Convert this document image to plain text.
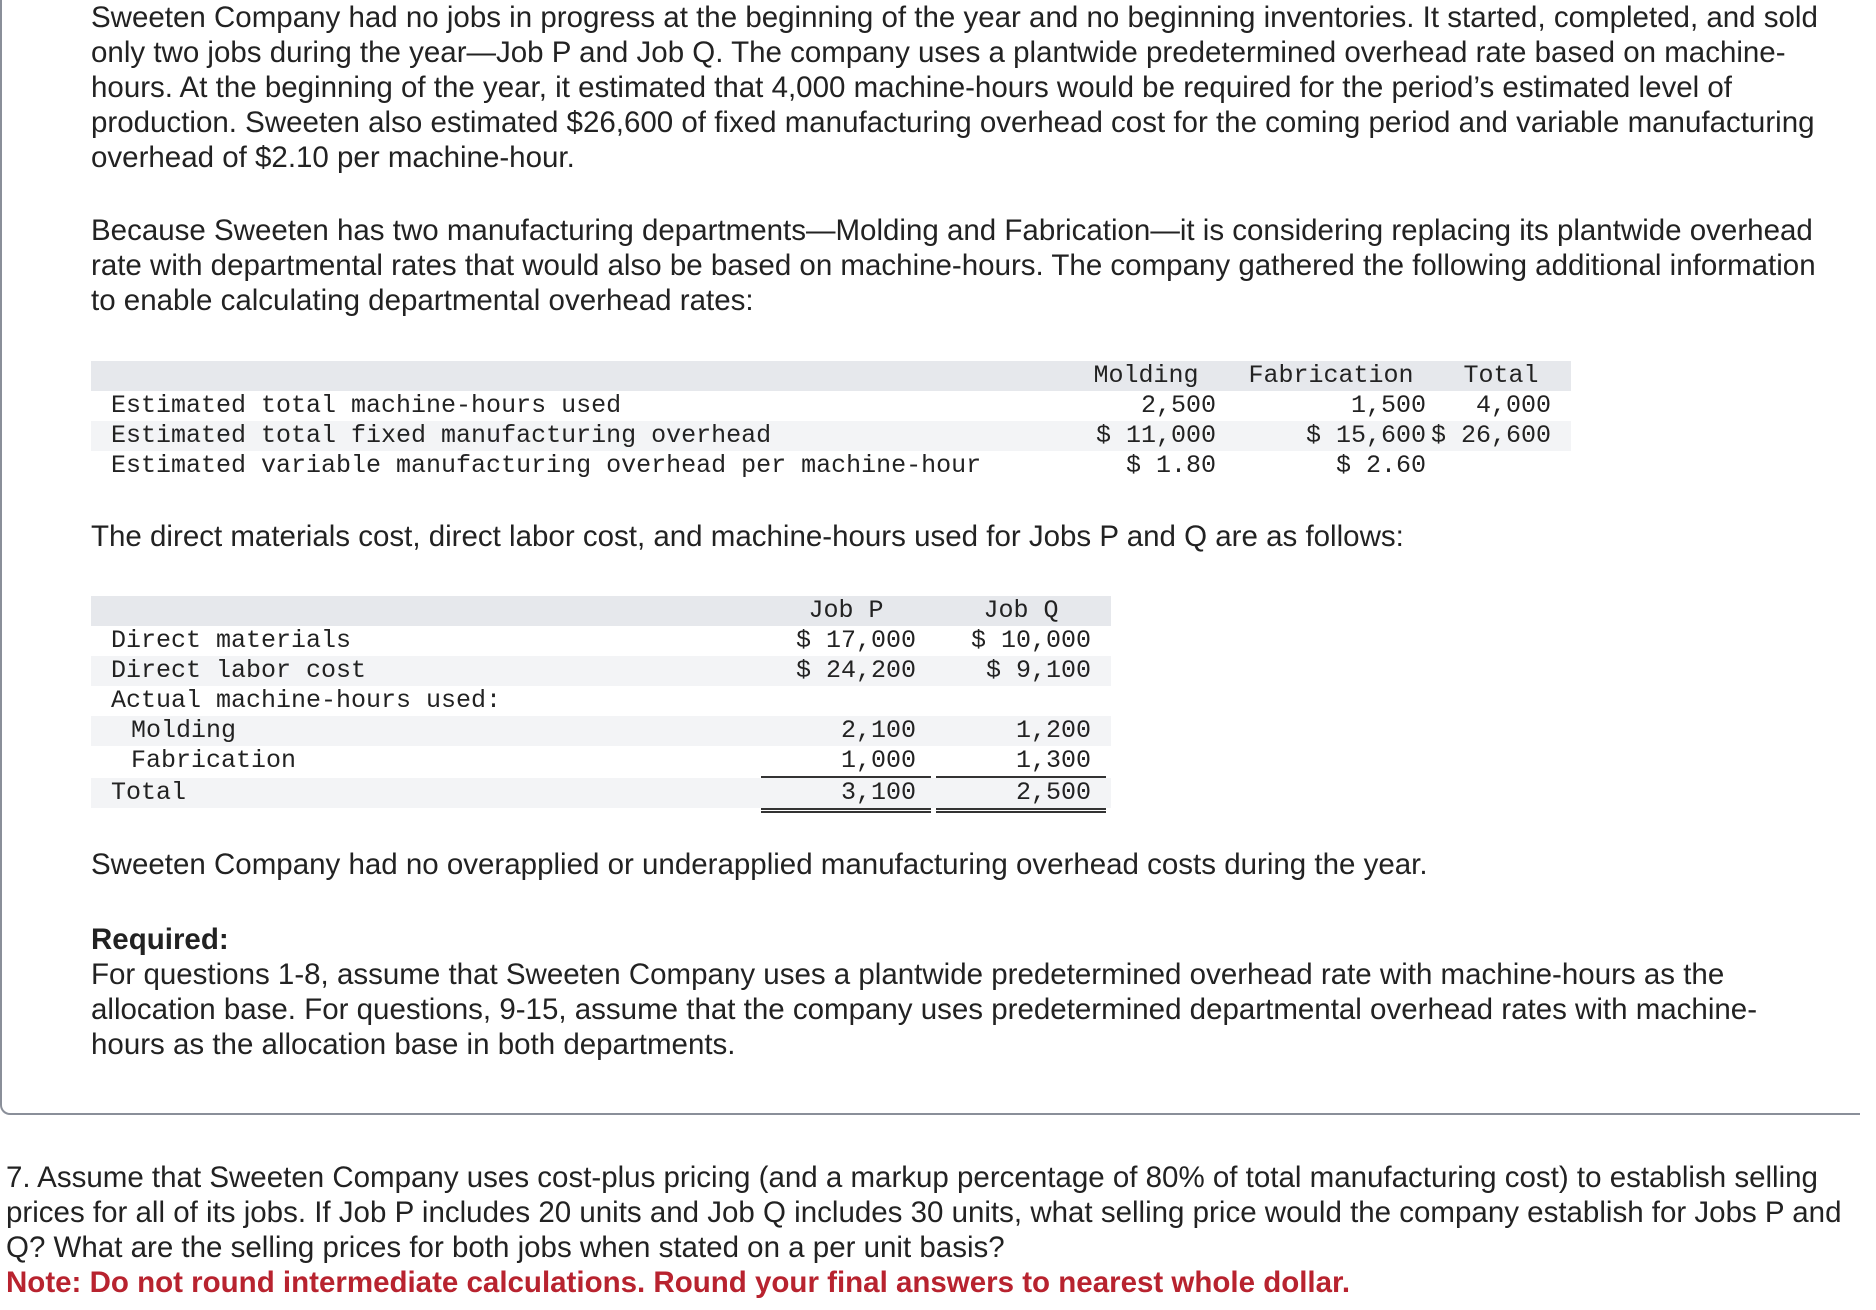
Sweeten Company had no jobs in progress at the beginning of the year and no beginning inventories. It started, completed, and sold only two jobs during the year—Job P and Job Q. The company uses a plantwide predetermined overhead rate based on machine-hours. At the beginning of the year, it estimated that 4,000 machine-hours would be required for the period’s estimated level of production. Sweeten also estimated $26,600 of fixed manufacturing overhead cost for the coming period and variable manufacturing overhead of $2.10 per machine-hour.

Because Sweeten has two manufacturing departments—Molding and Fabrication—it is considering replacing its plantwide overhead rate with departmental rates that would also be based on machine-hours. The company gathered the following additional information to enable calculating departmental overhead rates:

Molding	Fabrication	Total
Estimated total machine-hours used	2,500	1,500	4,000
Estimated total fixed manufacturing overhead	$ 11,000	$ 15,600 $ 26,600
Estimated variable manufacturing overhead per machine-hour	$ 1.80	$ 2.60

The direct materials cost, direct labor cost, and machine-hours used for Jobs P and Q are as follows:

Job P	Job Q
Direct materials	$ 17,000	$ 10,000
Direct labor cost	$ 24,200	$ 9,100
Actual machine-hours used:
Molding	2,100	1,200
Fabrication	1,000	1,300
Total	3,100	2,500

Sweeten Company had no overapplied or underapplied manufacturing overhead costs during the year.

Required:

For questions 1-8, assume that Sweeten Company uses a plantwide predetermined overhead rate with machine-hours as the allocation base. For questions, 9-15, assume that the company uses predetermined departmental overhead rates with machine-hours as the allocation base in both departments.

7. Assume that Sweeten Company uses cost-plus pricing (and a markup percentage of 80% of total manufacturing cost) to establish selling prices for all of its jobs. If Job P includes 20 units and Job Q includes 30 units, what selling price would the company establish for Jobs P and Q? What are the selling prices for both jobs when stated on a per unit basis?

Note: Do not round intermediate calculations. Round your final answers to nearest whole dollar.
